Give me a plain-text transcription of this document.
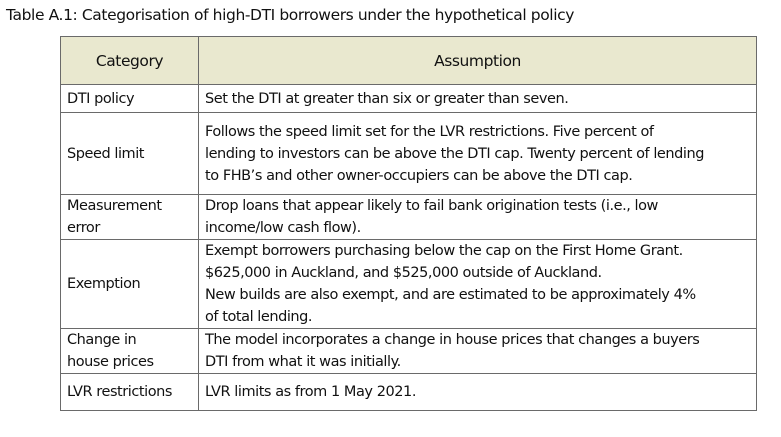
Table A.1: Categorisation of high-DTI borrowers under the hypothetical policy
Category	Assumption

DTI policy	Set the DTI at greater than six or greater than seven.

Speed limit	Follows the speed limit set for the LVR restrictions. Five percent of
lending to investors can be above the DTI cap. Twenty percent of lending
to FHB’s and other owner-occupiers can be above the DTI cap.

Measurement
error	Drop loans that appear likely to fail bank origination tests (i.e., low
income/low cash flow).

Exemption	Exempt borrowers purchasing below the cap on the First Home Grant.
$625,000 in Auckland, and $525,000 outside of Auckland.
New builds are also exempt, and are estimated to be approximately 4%
of total lending.

Change in
house prices	The model incorporates a change in house prices that changes a buyers
DTI from what it was initially.

LVR restrictions	LVR limits as from 1 May 2021.
